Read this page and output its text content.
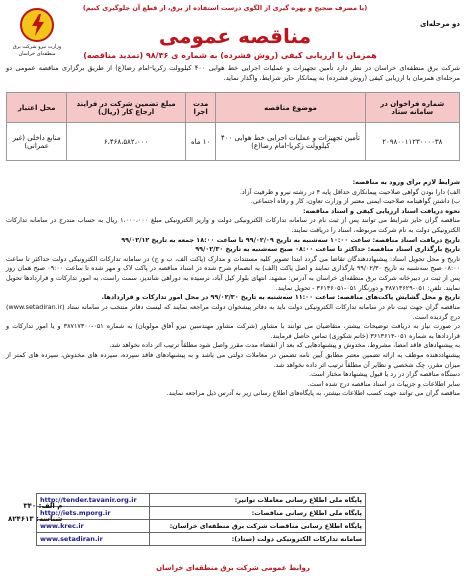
(با مصرف صحیح و بهره گیری از الگوی درست استفاده از برق، از قطع آن جلوگیری کنیم)
وزارت نیرو شرکت برق منطقه‌ای خراسان
دو مرحله‌ای
مناقصه عمومی
همزمان با ارزیابی کیفی (روش فشرده) به شماره ی ۹۸/۳۶ (تمدید مناقصه)
شرکت برق منطقه‌ای خراسان در نظر دارد تأمین تجهیزات و عملیات اجرایی خط هوایی ۴۰۰ کیلوولت زکریا-امام رضا(ع) از طریق برگزاری مناقصه عمومی دو مرحله‌ای همزمان با ارزیابی کیفی (روش فشرده) به پیمانکار حایز شرایط، واگذار نماید.
شماره فراخوان در سامانه ستاد	موضوع مناقصه	مدت اجرا	مبلغ تضمین شرکت در فرایند ارجاع کار (ریال)	محل اعتبار
۲۰۹۸۰۰۱۱۲۳۰۰۰۰۳۸	تأمین تجهیزات و عملیات اجرایی خط هوایی ۴۰۰ کیلوولت زکریا-امام رضا(ع)	۱۰ ماه	۶،۴۶۸،۵۸۲،۰۰۰	منابع داخلی (غیر عمرانی)

شرایط لازم برای ورود به مناقصه:

الف) دارا بودن گواهی صلاحیت پیمانکاری حداقل پایه ۴ در رشته نیرو و ظرفیت آزاد.

ب) داشتن گواهینامه صلاحیت ایمنی معتبر از وزارت تعاون، کار و رفاه اجتماعی.

نحوه دریافت اسناد ارزیابی کیفی و اسناد مناقصه:

مناقصه گران حایز شرایط می توانند پس از ثبت نام در سامانه تدارکات الکترونیکی دولت و واریز الکترونیکی مبلغ ۱،۰۰۰،۰۰۰ ریال به حساب مندرج در سامانه تدارکات الکترونیکی دولت به نام شرکت مربوطه، اسناد را دریافت نمایند.

تاریخ دریافت اسناد مناقصه: ساعت ۱۰:۰۰ سه‌شنبه به تاریخ ۹۹/۰۲/۰۹ تا ساعت ۱۸:۰۰ جمعه به تاریخ ۹۹/۰۲/۱۲

تاریخ بارگذاری اسناد مناقصه: حداکثر تا ساعت ۰۸:۰۰ صبح سه‌شنبه به تاریخ ۹۹/۰۲/۳۰

تاریخ و محل تحویل اسناد: پیشنهاددهندگان تقاضا می گردد ابتدا تصویر کلیه مستندات و مدارک (پاکت الف، ب و ج) در سامانه تدارکات الکترونیکی دولت حداکثر تا ساعت ۰۸:۰۰ صبح سه‌شنبه به تاریخ ۹۹/۰۲/۳۰ بارگذاری نمایند و اصل پاکت (الف) به انضمام شرح شده در اسناد مناقصه در پاکت لاک و مهر شده تا ساعت ۰۹:۰۰ صبح همان روز پس از ثبت در دبیرخانه شرکت برق منطقه‌ای خراسان به آدرس: مشهد، انتهای بلوار کیل آباد، نرسیده به دوراهی شاندیز، سمت راست، به امور تدارکات و قراردادها تحویل نمایند. تلفن: ۰۵۱-۳۸۷۱۳۶۲۹ و دورنگار ۰۵۱-۳۶۱۳۶۰۵۱ - تحویل نمایند.

تاریخ و محل گشایش پاکت‌های مناقصه: ساعت ۱۱:۰۰ سه‌شنبه به تاریخ ۹۹/۰۲/۳۰ در محل امور تدارکات و قراردادها.

مناقصه گران جهت ثبت نام در سامانه تدارکات الکترونیکی دولت باید به دفاتر پیشخوان دولت مراجعه نمایند که لیست دفاتر منتخب در سامانه ستاد (www.setadiran.ir) درج گردیده است.

در صورت نیاز به دریافت توضیحات بیشتر، متقاضیان می توانند با مشاور (شرکت مشاور مهندسین نیرو آفاق مولویان) به شماره ۰۵۱-۳۸۷۱۷۳۰۰ و یا امور تدارکات و قراردادها به شماره ۰۵۱-۳۶۱۳۶۱۴ (خانم شکوری) تماس حاصل فرمایند.

به پیشنهادهای فاقد امضا، مشروط، مخدوش و پیشنهادهایی که بعد از انقضاء مدت مقرر واصل شود مطلقاً ترتیب اثر داده نخواهد شد.

پیشنهاددهنده موظف به ارائه تضمین معتبر مطابق آیین نامه تضمین در معاملات دولتی می باشد و به پیشنهادهای فاقد سپرده، سپرده های مخدوش، سپرده های کمتر از میزان مقرر، چک شخصی و نظایر آن مطلقاً ترتیب اثر داده نخواهد شد.

دستگاه مناقصه گزار در رد یا قبول پیشنهادها مختار است.

سایر اطلاعات و جزییات در اسناد مناقصه درج شده است.

مناقصه گران می توانند جهت کسب اطلاعات بیشتر، به پایگاه‌های اطلاع رسانی زیر به آدرس ذیل مراجعه نمایند.

پایگاه ملی اطلاع رسانی معاملات توانیر:	http://tender.tavanir.org.ir
پایگاه ملی اطلاع رسانی مناقصات:	http://iets.mporg.ir
پایگاه اطلاع رسانی مناقصات شرکت برق منطقه‌ای خراسان:	www.krec.ir
سامانه تدارکات الکترونیکی دولت (ستاد):	www.setadiran.ir
م الف: ۳۴۰
شناسه: ۸۲۴۶۱۳
روابط عمومی شرکت برق منطقه‌ای خراسان
